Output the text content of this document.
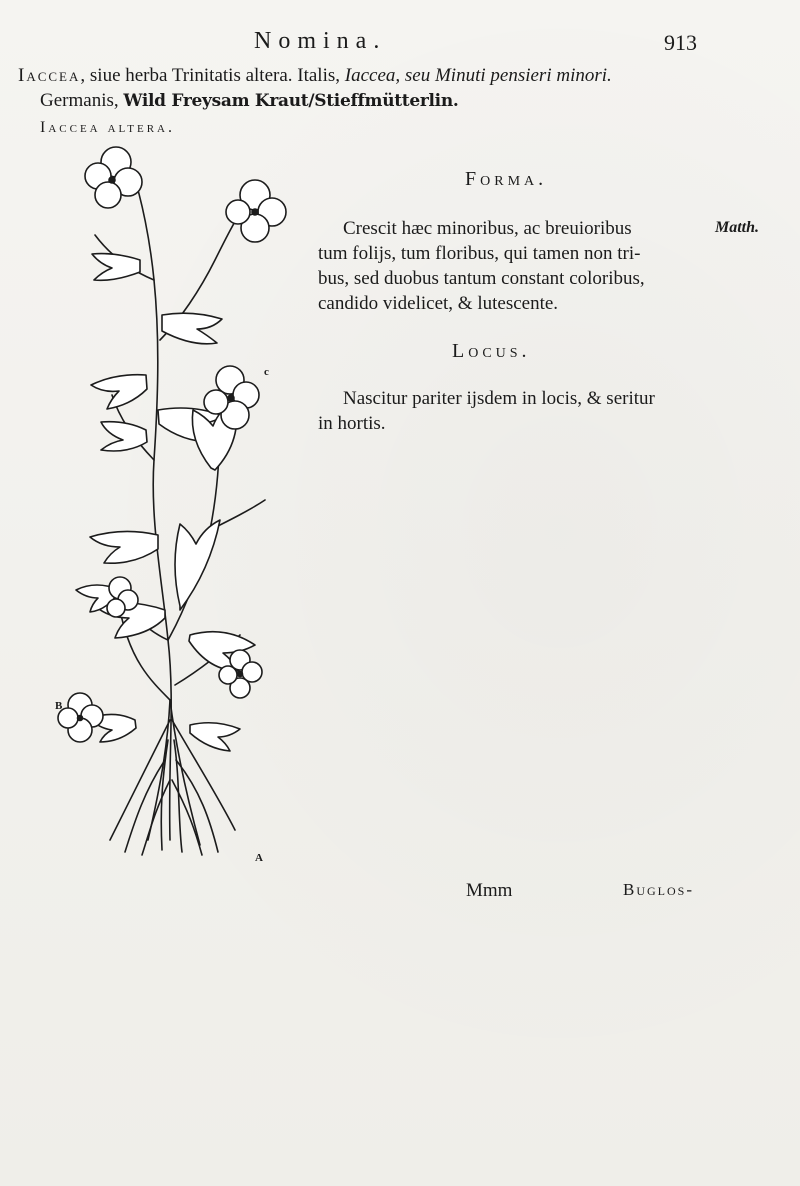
Nomina.	913
Iaccea, siue herba Trinitatis altera. Italis, Iaccea, seu Minuti pensieri minori.
Germanis, Wild Freysam Kraut/Stieffmütterlin.
Iaccea altera.
A
B
c
Forma.
Matth.
Crescit hæc minoribus, ac breuioribus
tum folijs, tum floribus, qui tamen non tri-
bus, sed duobus tantum constant coloribus,
candido videlicet, & lutescente.
Locus.
Nascitur pariter ijsdem in locis, & seritur
in hortis.
Mmm	Buglos-
